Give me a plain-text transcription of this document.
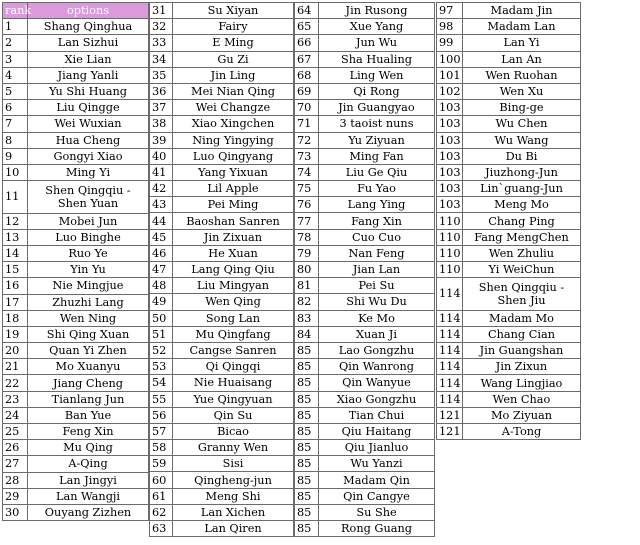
rank	options
1	Shang Qinghua
2	Lan Sizhui
3	Xie Lian
4	Jiang Yanli
5	Yu Shi Huang
6	Liu Qingge
7	Wei Wuxian
8	Hua Cheng
9	Gongyi Xiao
10	Ming Yi
11	Shen Qingqiu - Shen Yuan
12	Mobei Jun
13	Luo Binghe
14	Ruo Ye
15	Yin Yu
16	Nie Mingjue
17	Zhuzhi Lang
18	Wen Ning
19	Shi Qing Xuan
20	Quan Yi Zhen
21	Mo Xuanyu
22	Jiang Cheng
23	Tianlang Jun
24	Ban Yue
25	Feng Xin
26	Mu Qing
27	A-Qing
28	Lan Jingyi
29	Lan Wangji
30	Ouyang Zizhen
31	Su Xiyan
32	Fairy
33	E Ming
34	Gu Zi
35	Jin Ling
36	Mei Nian Qing
37	Wei Changze
38	Xiao Xingchen
39	Ning Yingying
40	Luo Qingyang
41	Yang Yixuan
42	Lil Apple
43	Pei Ming
44	Baoshan Sanren
45	Jin Zixuan
46	He Xuan
47	Lang Qing Qiu
48	Liu Mingyan
49	Wen Qing
50	Song Lan
51	Mu Qingfang
52	Cangse Sanren
53	Qi Qingqi
54	Nie Huaisang
55	Yue Qingyuan
56	Qin Su
57	Bicao
58	Granny Wen
59	Sisi
60	Qingheng-jun
61	Meng Shi
62	Lan Xichen
63	Lan Qiren
64	Jin Rusong
65	Xue Yang
66	Jun Wu
67	Sha Hualing
68	Ling Wen
69	Qi Rong
70	Jin Guangyao
71	3 taoist nuns
72	Yu Ziyuan
73	Ming Fan
74	Liu Ge Qiu
75	Fu Yao
76	Lang Ying
77	Fang Xin
78	Cuo Cuo
79	Nan Feng
80	Jian Lan
81	Pei Su
82	Shi Wu Du
83	Ke Mo
84	Xuan Ji
85	Lao Gongzhu
85	Qin Wanrong
85	Qin Wanyue
85	Xiao Gongzhu
85	Tian Chui
85	Qiu Haitang
85	Qiu Jianluo
85	Wu Yanzi
85	Madam Qin
85	Qin Cangye
85	Su She
85	Rong Guang
97	Madam Jin
98	Madam Lan
99	Lan Yi
100	Lan An
101	Wen Ruohan
102	Wen Xu
103	Bing-ge
103	Wu Chen
103	Wu Wang
103	Du Bi
103	Jiuzhong-Jun
103	Lin`guang-Jun
103	Meng Mo
110	Chang Ping
110	Fang MengChen
110	Wen Zhuliu
110	Yi WeiChun
114	Shen Qingqiu - Shen Jiu
114	Madam Mo
114	Chang Cian
114	Jin Guangshan
114	Jin Zixun
114	Wang Lingjiao
114	Wen Chao
121	Mo Ziyuan
121	A-Tong
